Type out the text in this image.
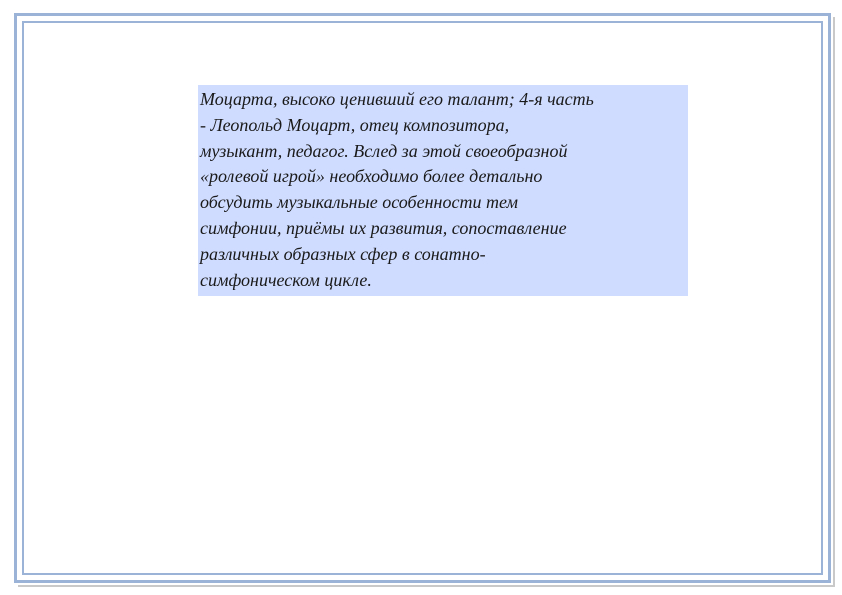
Моцарта, высоко ценивший его талант; 4-я часть
- Леопольд Моцарт, отец композитора,
музыкант, педагог. Вслед за этой своеобразной
«ролевой игрой» необходимо более детально
обсудить музыкальные особенности тем
симфонии, приёмы их развития, сопоставление
различных образных сфер в сонатно-
симфоническом цикле.
